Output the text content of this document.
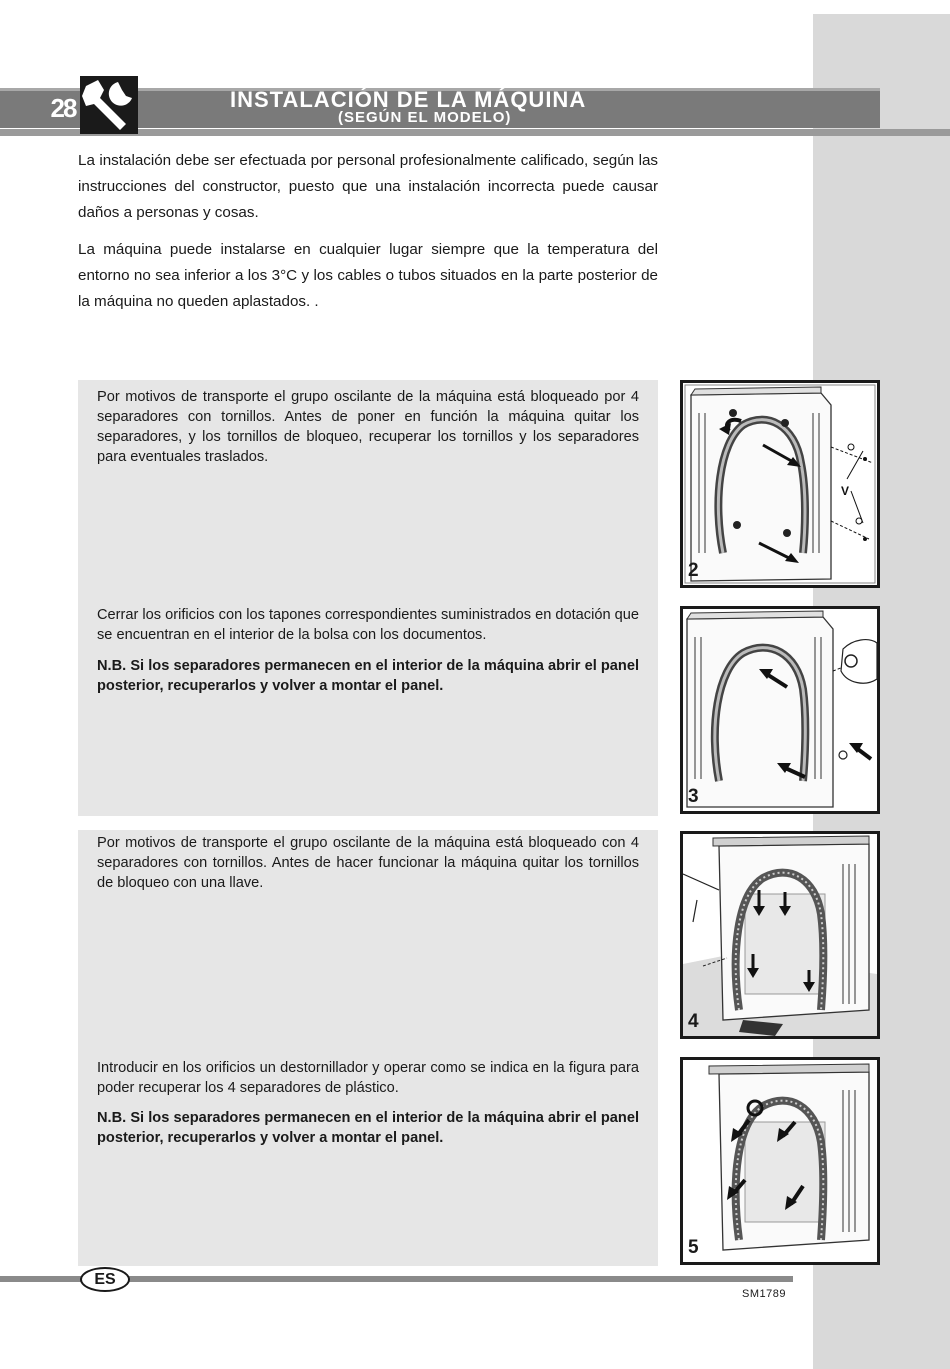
28	INSTALACIÓN DE LA MÁQUINA
(SEGÚN EL MODELO)

La instalación debe ser efectuada por personal profesionalmente calificado, según las instrucciones del constructor, puesto que una instalación incorrecta puede causar daños a personas y cosas.

La máquina puede instalarse en cualquier lugar siempre que la temperatura del entorno no sea inferior a los 3°C y los cables o tubos situados en la parte posterior de la máquina no queden aplastados. .

Por motivos de transporte el grupo oscilante de la máquina está bloqueado por 4 separadores con tornillos. Antes de poner en función la máquina quitar los separadores, y los tornillos de bloqueo, recuperar los tornillos y los separadores para eventuales traslados.

Cerrar los orificios con los tapones correspondientes suministrados en dotación que se encuentran en el interior de la bolsa con los documentos.

N.B. Si los separadores permanecen en el interior de la máquina abrir el panel posterior, recuperarlos y volver a montar el panel.

Por motivos de transporte el grupo oscilante de la máquina está bloqueado con 4 separadores con tornillos. Antes de hacer funcionar la máquina quitar los tornillos de bloqueo con una llave.

Introducir en los orificios un destornillador y operar como se indica en la figura para poder recuperar los 4 separadores de plástico.

N.B. Si los separadores permanecen en el interior de la máquina abrir el panel posterior, recuperarlos y volver a montar el panel.

V
2
3
4
5
ES
SM1789
